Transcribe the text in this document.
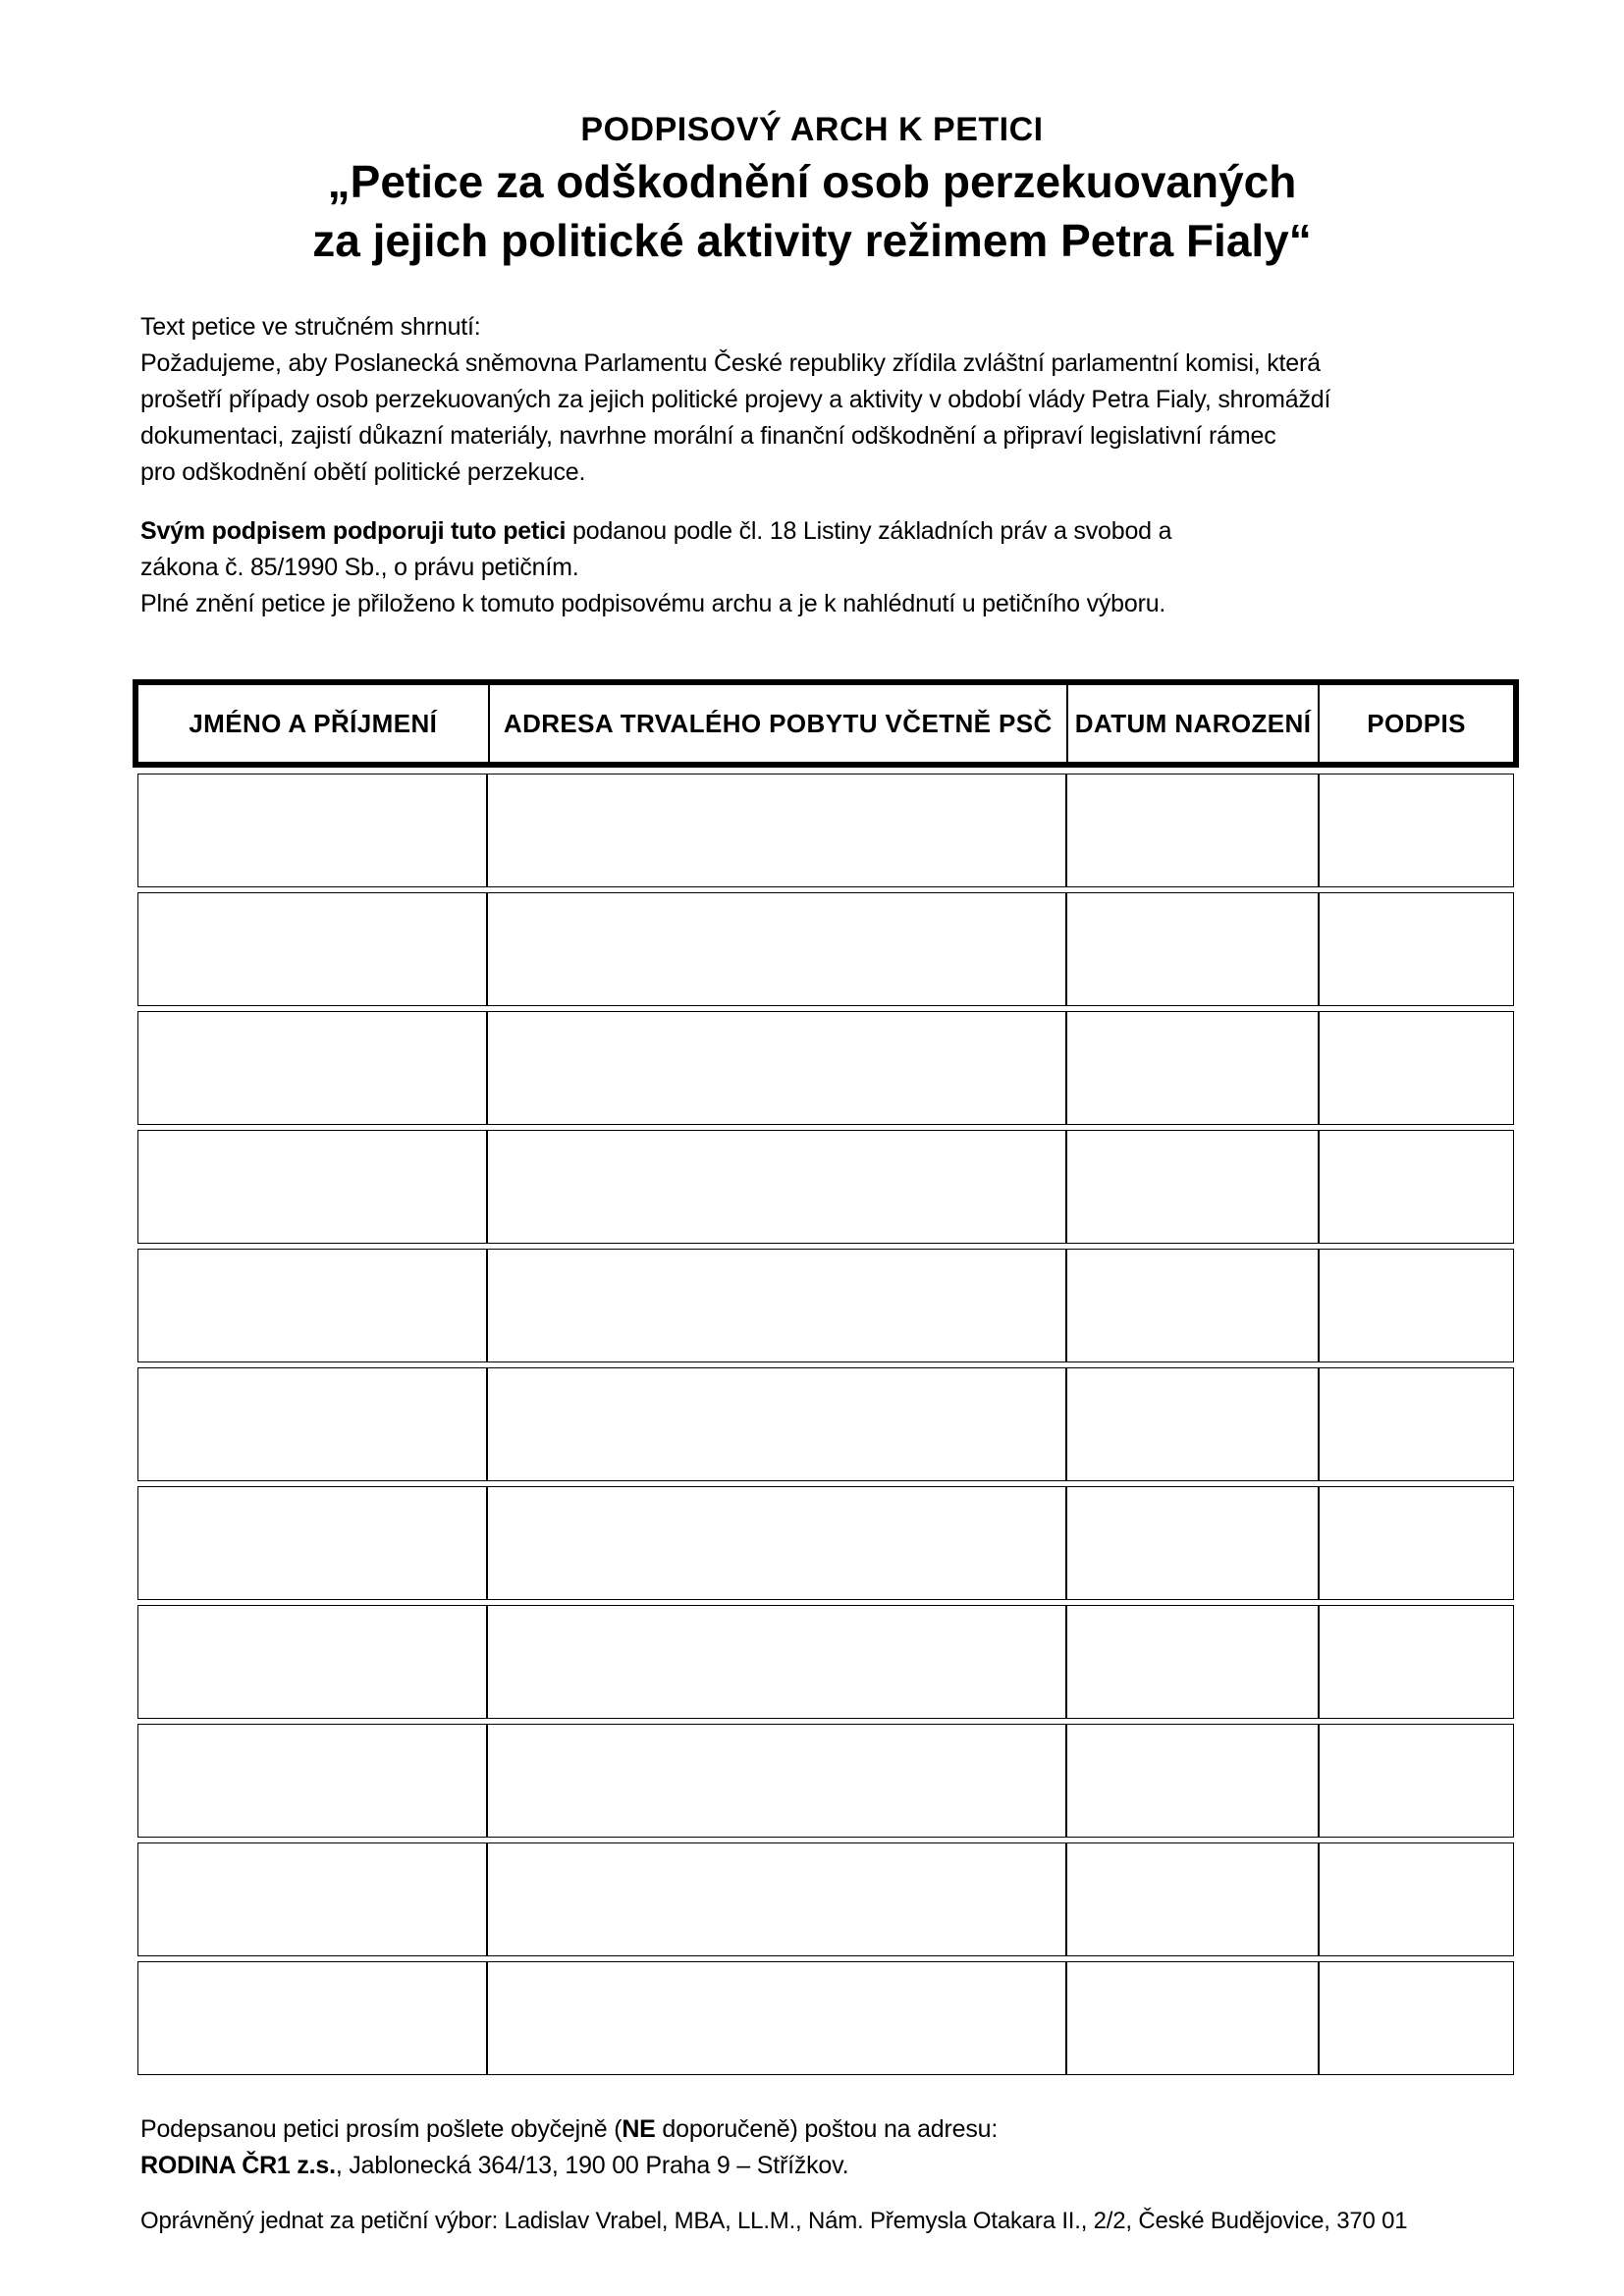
PODPISOVÝ ARCH K PETICI
„Petice za odškodnění osob perzekuovaných
za jejich politické aktivity režimem Petra Fialy“
Text petice ve stručném shrnutí:
Požadujeme, aby Poslanecká sněmovna Parlamentu České republiky zřídila zvláštní parlamentní komisi, která
prošetří případy osob perzekuovaných za jejich politické projevy a aktivity v období vlády Petra Fialy, shromáždí
dokumentaci, zajistí důkazní materiály, navrhne morální a finanční odškodnění a připraví legislativní rámec
pro odškodnění obětí politické perzekuce.
Svým podpisem podporuji tuto petici podanou podle čl. 18 Listiny základních práv a svobod a
zákona č. 85/1990 Sb., o právu petičním.
Plné znění petice je přiloženo k tomuto podpisovému archu a je k nahlédnutí u petičního výboru.
JMÉNO A PŘÍJMENÍ	ADRESA TRVALÉHO POBYTU VČETNĚ PSČ DATUM NAROZENÍ	PODPIS
Podepsanou petici prosím pošlete obyčejně (NE doporučeně) poštou na adresu:
RODINA ČR1 z.s., Jablonecká 364/13, 190 00 Praha 9 – Střížkov.
Oprávněný jednat za petiční výbor: Ladislav Vrabel, MBA, LL.M., Nám. Přemysla Otakara II., 2/2, České Budějovice, 370 01
